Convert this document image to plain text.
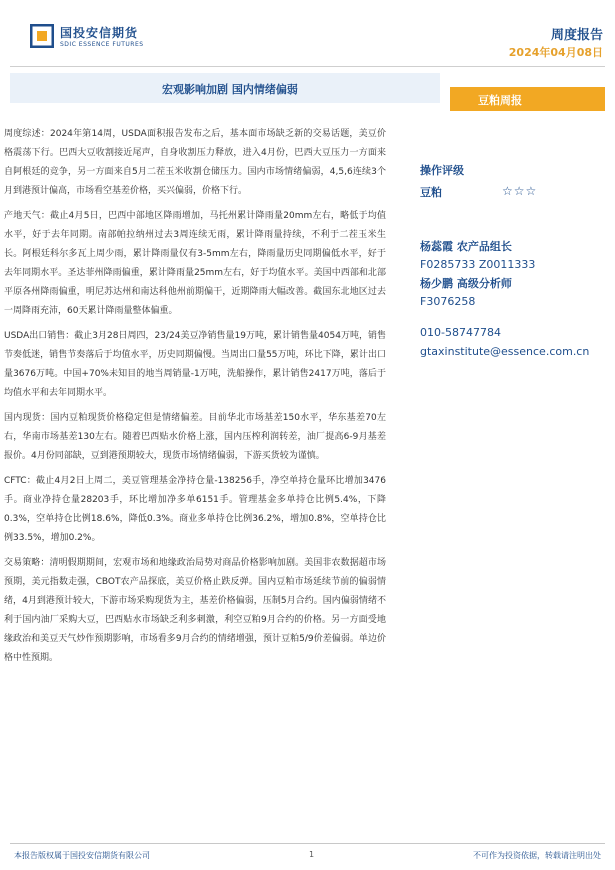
国投安信期货
SDIC ESSENCE FUTURES
周度报告
2024年04月08日
宏观影响加剧 国内情绪偏弱
豆粕周报

周度综述：2024年第14周，USDA面积报告发布之后，基本面市场缺乏新的交易话题，美豆价格震荡下行。巴西大豆收割接近尾声，自身收割压力释放，进入4月份，巴西大豆压力一方面来自阿根廷的竞争，另一方面来自5月二茬玉米收割仓储压力。国内市场情绪偏弱，4,5,6连续3个月到港预计偏高，市场看空基差价格，买兴偏弱，价格下行。

产地天气：截止4月5日，巴西中部地区降雨增加，马托州累计降雨量20mm左右，略低于均值水平，好于去年同期。南部帕拉纳州过去3周连续无雨，累计降雨量持续，不利于二茬玉米生长。阿根廷科尔多瓦上周少雨，累计降雨量仅有3-5mm左右，降雨量历史同期偏低水平，好于去年同期水平。圣达菲州降雨偏重，累计降雨量25mm左右，好于均值水平。美国中西部和北部平原各州降雨偏重，明尼苏达州和南达科他州前期偏干，近期降雨大幅改善。截国东北地区过去一周降雨充沛，60天累计降雨量整体偏重。

USDA出口销售：截止3月28日周四，23/24美豆净销售量19万吨，累计销售量4054万吨，销售节奏低迷，销售节奏落后于均值水平，历史同期偏慢。当周出口量55万吨，环比下降，累计出口量3676万吨。中国+70%未知目的地当周销量-1万吨，洗船操作，累计销售2417万吨，落后于均值水平和去年同期水平。

国内现货：国内豆粕现货价格稳定但是情绪偏差。目前华北市场基差150水平，华东基差70左右，华南市场基差130左右。随着巴西贴水价格上涨，国内压榨利润转差，油厂提高6-9月基差报价。4月份同部缺，豆到港预期较大，现货市场情绪偏弱，下游买货较为谨慎。

CFTC：截止4月2日上周二，美豆管理基金净持仓量-138256手，净空单持仓量环比增加3476手。商业净持仓量28203手，环比增加净多单6151手。管理基金多单持仓比例5.4%，下降0.3%，空单持仓比例18.6%，降低0.3%。商业多单持仓比例36.2%，增加0.8%，空单持仓比例33.5%，增加0.2%。

交易策略：清明假期期间，宏观市场和地缘政治局势对商品价格影响加剧。美国非农数据超市场预期，美元指数走强，CBOT农产品探底，美豆价格止跌反弹。国内豆粕市场延续节前的偏弱情绪，4月到港预计较大，下游市场采购现货为主，基差价格偏弱，压制5月合约。国内偏弱情绪不利于国内油厂采购大豆，巴西贴水市场缺乏利多刺激，利空豆粕9月合约的价格。另一方面受地缘政治和美豆天气炒作预期影响，市场看多9月合约的情绪增强，预计豆粕5/9价差偏弱。单边价格中性预期。

操作评级
豆粕	☆☆☆
杨蕊霞 农产品组长
F0285733 Z0011333
杨少鹏 高级分析师
F3076258
010-58747784
gtaxinstitute@essence.com.cn
本报告版权属于国投安信期货有限公司	1	不可作为投资依据，转载请注明出处
